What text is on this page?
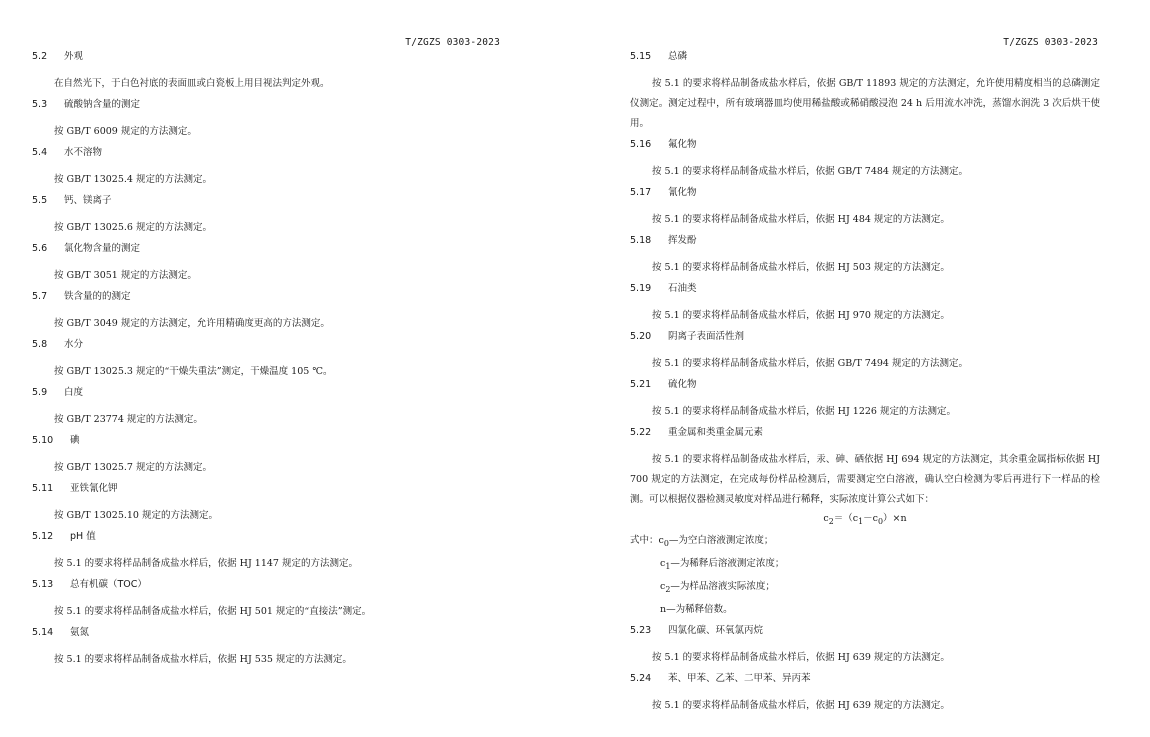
T/ZGZS 0303-2023
5.2 外观
在自然光下，于白色衬底的表面皿或白瓷板上用目视法判定外观。
5.3 硫酸钠含量的测定
按 GB/T 6009 规定的方法测定。
5.4 水不溶物
按 GB/T 13025.4 规定的方法测定。
5.5 钙、镁离子
按 GB/T 13025.6 规定的方法测定。
5.6 氯化物含量的测定
按 GB/T 3051 规定的方法测定。
5.7 铁含量的的测定
按 GB/T 3049 规定的方法测定，允许用精确度更高的方法测定。
5.8 水分
按 GB/T 13025.3 规定的“干燥失重法”测定，干燥温度 105 ℃。
5.9 白度
按 GB/T 23774 规定的方法测定。
5.10 碘
按 GB/T 13025.7 规定的方法测定。
5.11 亚铁氰化钾
按 GB/T 13025.10 规定的方法测定。
5.12 pH 值
按 5.1 的要求将样品制备成盐水样后，依据 HJ 1147 规定的方法测定。
5.13 总有机碳（TOC）
按 5.1 的要求将样品制备成盐水样后，依据 HJ 501 规定的“直接法”测定。
5.14 氨氮
按 5.1 的要求将样品制备成盐水样后，依据 HJ 535 规定的方法测定。
T/ZGZS 0303-2023
5.15 总磷
按 5.1 的要求将样品制备成盐水样后，依据 GB/T 11893 规定的方法测定，允许使用精度相当的总磷测定仪测定。测定过程中，所有玻璃器皿均使用稀盐酸或稀硝酸浸泡 24 h 后用流水冲洗，蒸馏水润洗 3 次后烘干使用。
5.16 氟化物
按 5.1 的要求将样品制备成盐水样后，依据 GB/T 7484 规定的方法测定。
5.17 氰化物
按 5.1 的要求将样品制备成盐水样后，依据 HJ 484 规定的方法测定。
5.18 挥发酚
按 5.1 的要求将样品制备成盐水样后，依据 HJ 503 规定的方法测定。
5.19 石油类
按 5.1 的要求将样品制备成盐水样后，依据 HJ 970 规定的方法测定。
5.20 阴离子表面活性剂
按 5.1 的要求将样品制备成盐水样后，依据 GB/T 7494 规定的方法测定。
5.21 硫化物
按 5.1 的要求将样品制备成盐水样后，依据 HJ 1226 规定的方法测定。
5.22 重金属和类重金属元素
按 5.1 的要求将样品制备成盐水样后，汞、砷、硒依据 HJ 694 规定的方法测定，其余重金属指标依据 HJ 700 规定的方法测定，在完成每份样品检测后，需要测定空白溶液，确认空白检测为零后再进行下一样品的检测。可以根据仪器检测灵敏度对样品进行稀释，实际浓度计算公式如下：
$c_2=(c_1-c_0)\times n$
式中：$c_0—$为空白溶液测定浓度；
$c_1—$为稀释后溶液测定浓度；
$c_2—$为样品溶液实际浓度；
n—为稀释倍数。
5.23 四氯化碳、环氧氯丙烷
按 5.1 的要求将样品制备成盐水样后，依据 HJ 639 规定的方法测定。
5.24 苯、甲苯、乙苯、二甲苯、异丙苯
按 5.1 的要求将样品制备成盐水样后，依据 HJ 639 规定的方法测定。
